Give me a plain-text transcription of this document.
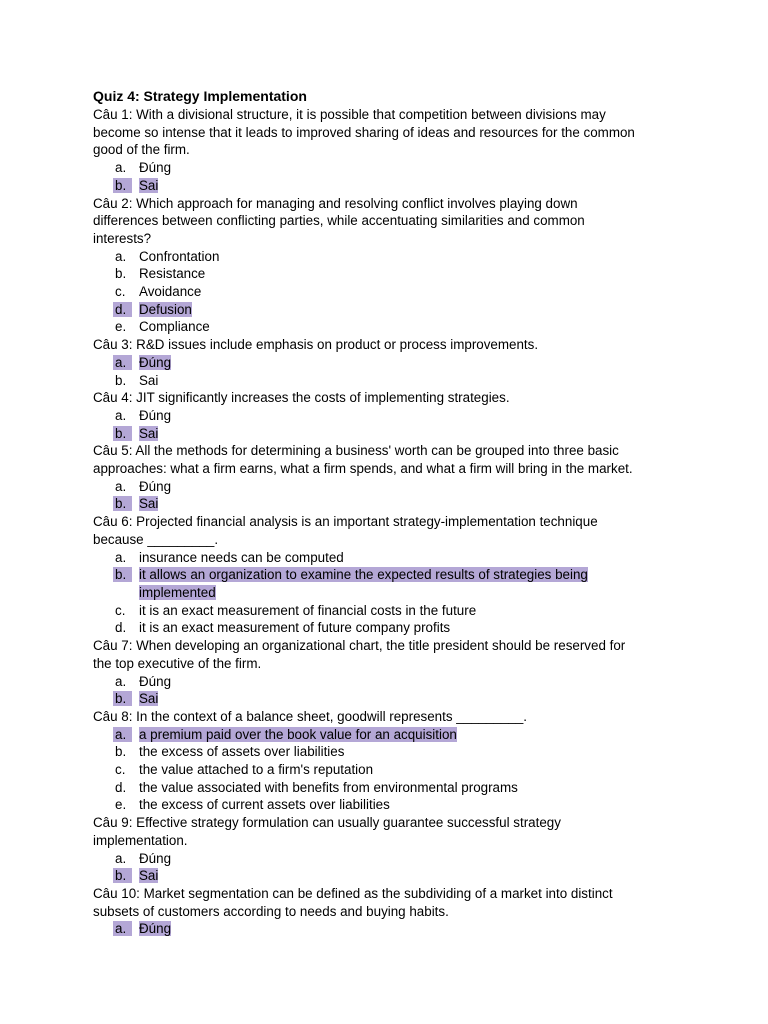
Quiz 4: Strategy Implementation
Câu 1: With a divisional structure, it is possible that competition between divisions may
become so intense that it leads to improved sharing of ideas and resources for the common
good of the firm.
a. Đúng
b. Sai
Câu 2: Which approach for managing and resolving conflict involves playing down
differences between conflicting parties, while accentuating similarities and common
interests?
a. Confrontation
b. Resistance
c.	Avoidance
d. Defusion
e. Compliance
Câu 3: R&D issues include emphasis on product or process improvements.
a. Đúng
b. Sai
Câu 4: JIT significantly increases the costs of implementing strategies.
a. Đúng
b. Sai
Câu 5: All the methods for determining a business' worth can be grouped into three basic
approaches: what a firm earns, what a firm spends, and what a firm will bring in the market.
a. Đúng
b. Sai
Câu 6: Projected financial analysis is an important strategy-implementation technique
because _________.
a. insurance needs can be computed
b. it allows an organization to examine the expected results of strategies being
implemented
c.	it is an exact measurement of financial costs in the future
d. it is an exact measurement of future company profits
Câu 7: When developing an organizational chart, the title president should be reserved for
the top executive of the firm.
a. Đúng
b. Sai
Câu 8: In the context of a balance sheet, goodwill represents _________.
a. a premium paid over the book value for an acquisition
b. the excess of assets over liabilities
c.	the value attached to a firm's reputation
d. the value associated with benefits from environmental programs
e. the excess of current assets over liabilities
Câu 9: Effective strategy formulation can usually guarantee successful strategy
implementation.
a. Đúng
b. Sai
Câu 10: Market segmentation can be defined as the subdividing of a market into distinct
subsets of customers according to needs and buying habits.
a. Đúng
